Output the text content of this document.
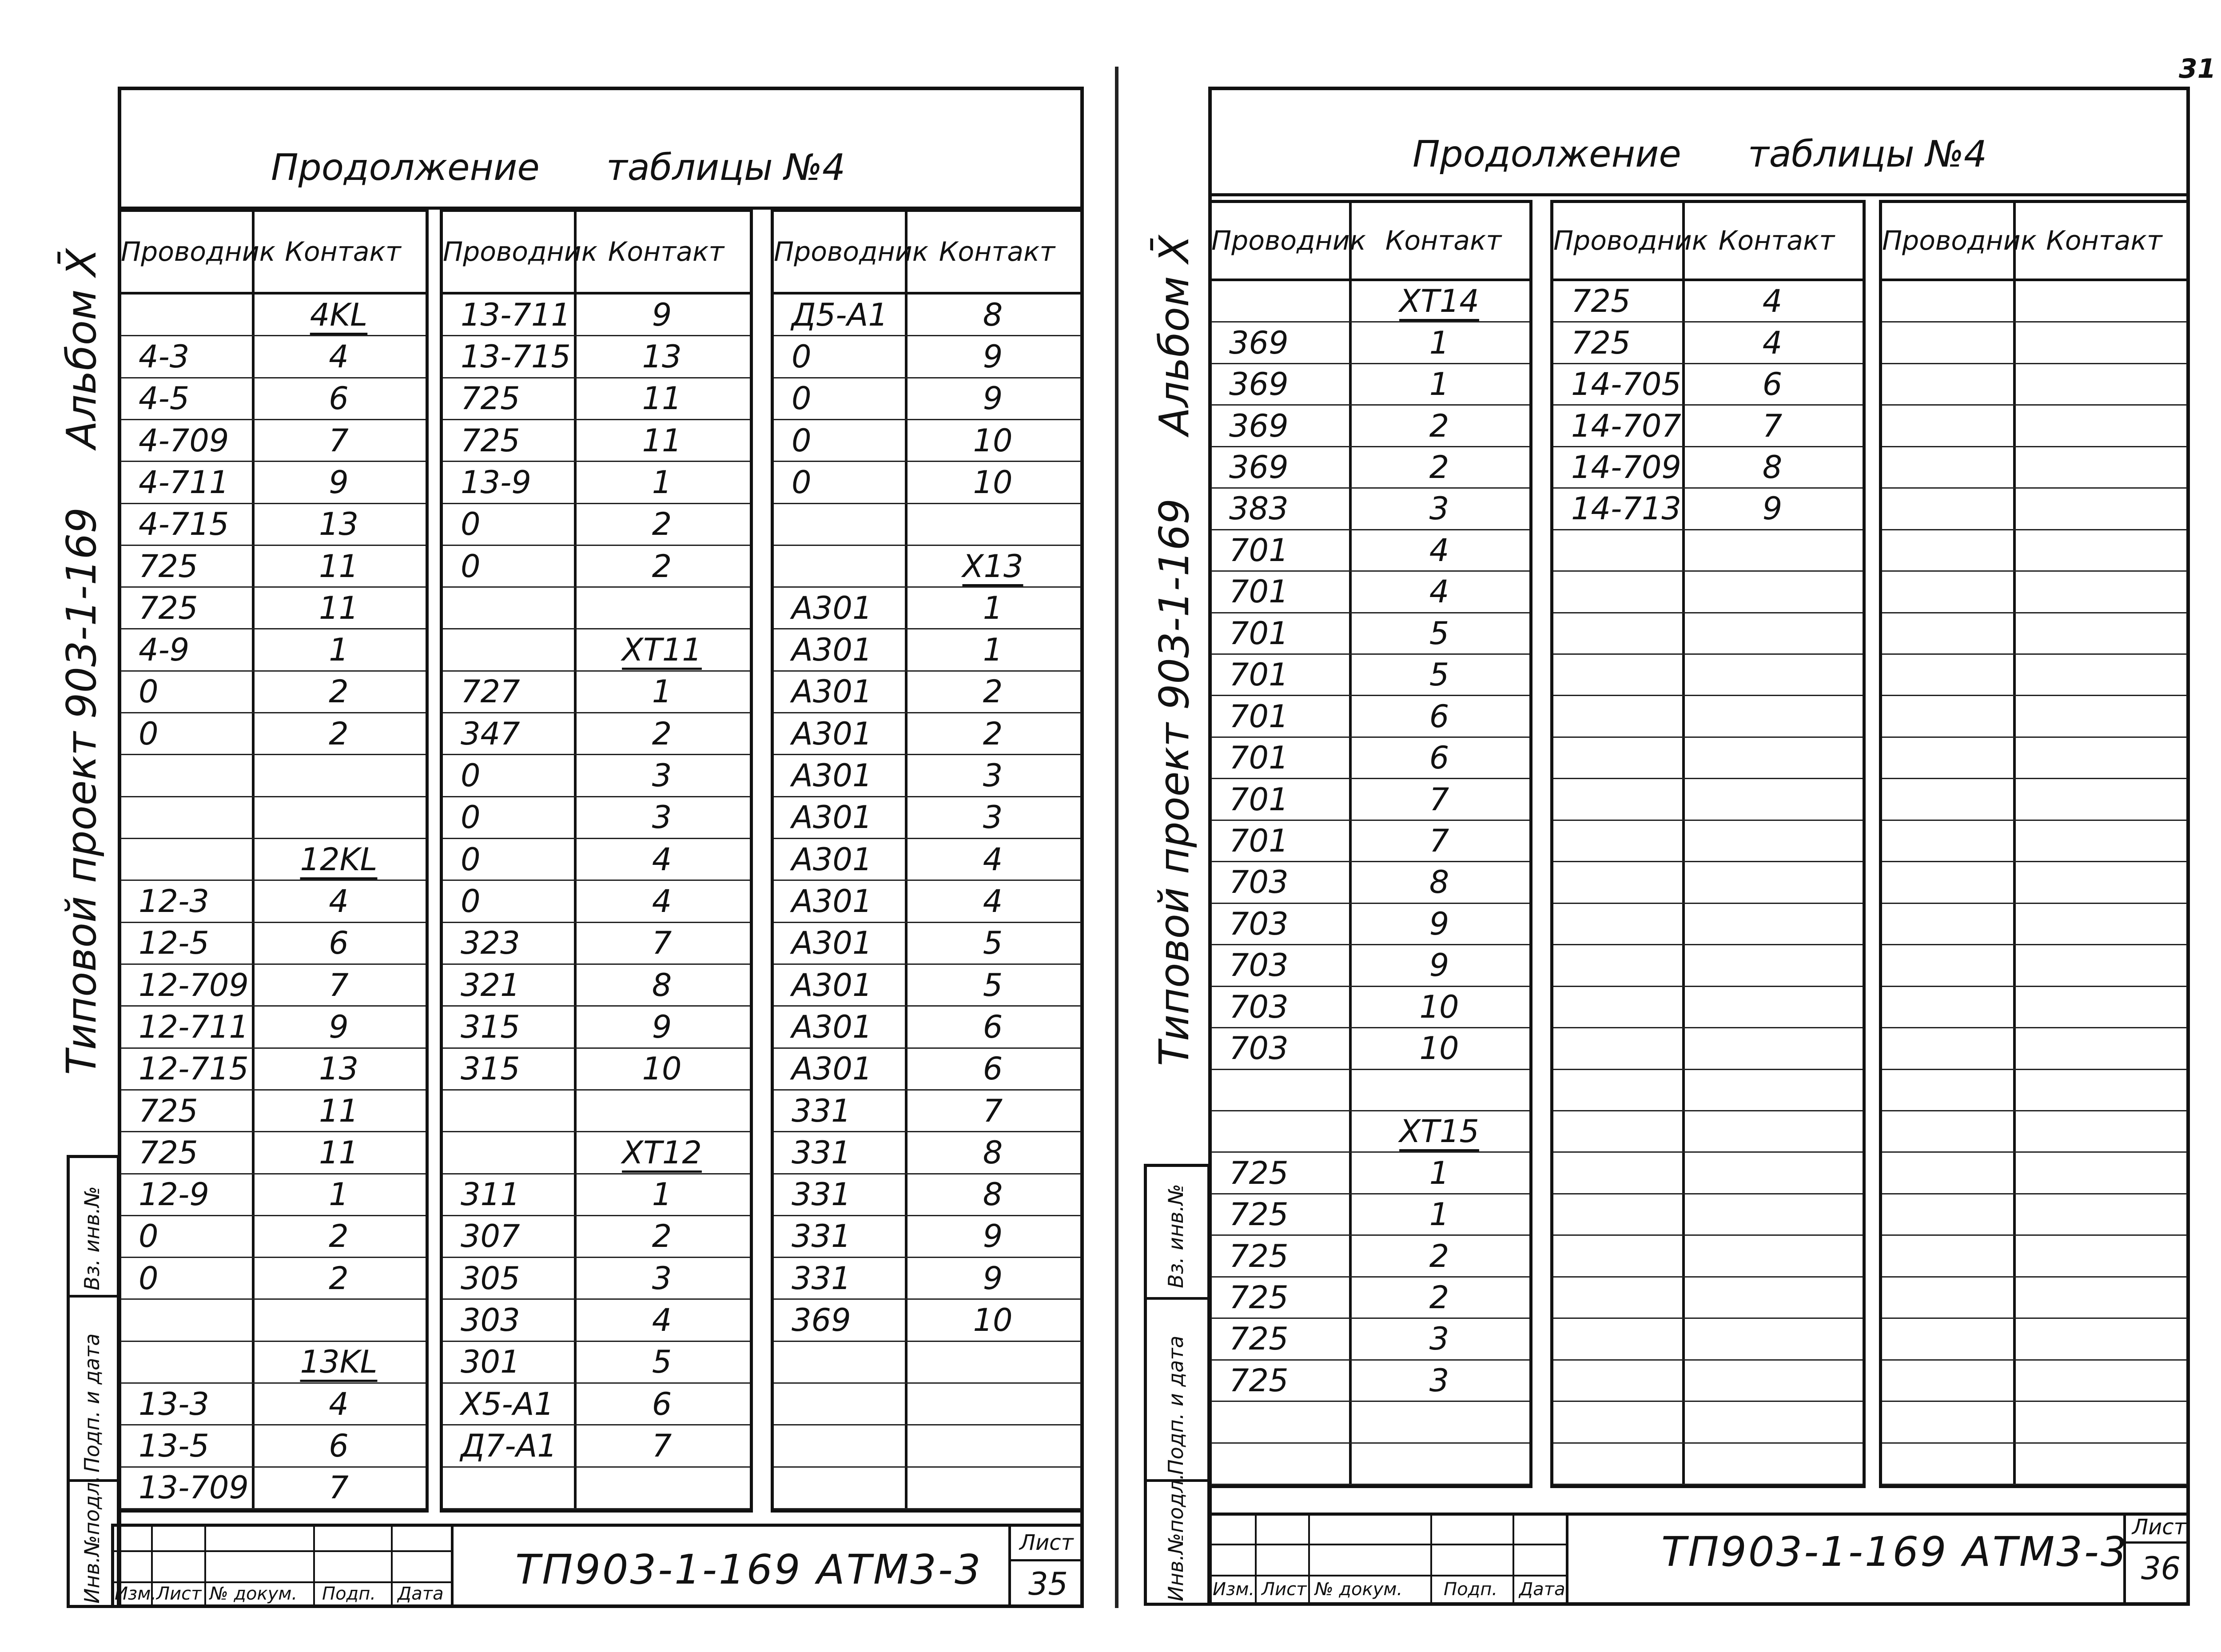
31
Продолжение таблицы №4
Альбом X̄
Типовой проект 903-1-169
Вз. инв.№
Подп. и дата
Инв.№подл.
Проводник Контакт
4KL
4-3	4
4-5	6
4-709	7
4-711	9
4-715	13
725	11
725	11
4-9	1
0	2
0	2
12KL
12-3	4
12-5	6
12-709	7
12-711	9
12-715	13
725	11
725	11
12-9	1
0	2
0	2
13KL
13-3	4
13-5	6
13-709	7
Проводник Контакт
13-711	9
13-715	13
725	11
725	11
13-9	1
0	2
0	2
XT11
727	1
347	2
0	3
0	3
0	4
0	4
323	7
321	8
315	9
315	10
XT12
311	1
307	2
305	3
303	4
301	5
X5-A1	6
Д7-A1	7
Проводник Контакт
Д5-A1	8
0	9
0	9
0	10
0	10
X13
A301	1
A301	1
A301	2
A301	2
A301	3
A301	3
A301	4
A301	4
A301	5
A301	5
A301	6
A301	6
331	7
331	8
331	8
331	9
331	9
369	10
Изм. Лист № докум. Подп. Дата
ТП903-1-169 АТМ3-3
Лист
35
Продолжение таблицы №4
Альбом X̄
Типовой проект 903-1-169
Вз. инв.№
Подп. и дата
Инв.№подл.
Проводник Контакт
XT14
369	1
369	1
369	2
369	2
383	3
701	4
701	4
701	5
701	5
701	6
701	6
701	7
701	7
703	8
703	9
703	9
703	10
703	10
XT15
725	1
725	1
725	2
725	2
725	3
725	3
Проводник Контакт
725	4
725	4
14-705	6
14-707	7
14-709	8
14-713	9
Проводник Контакт
Изм. Лист № докум. Подп. Дата
ТП903-1-169 АТМ3-3
Лист
36
